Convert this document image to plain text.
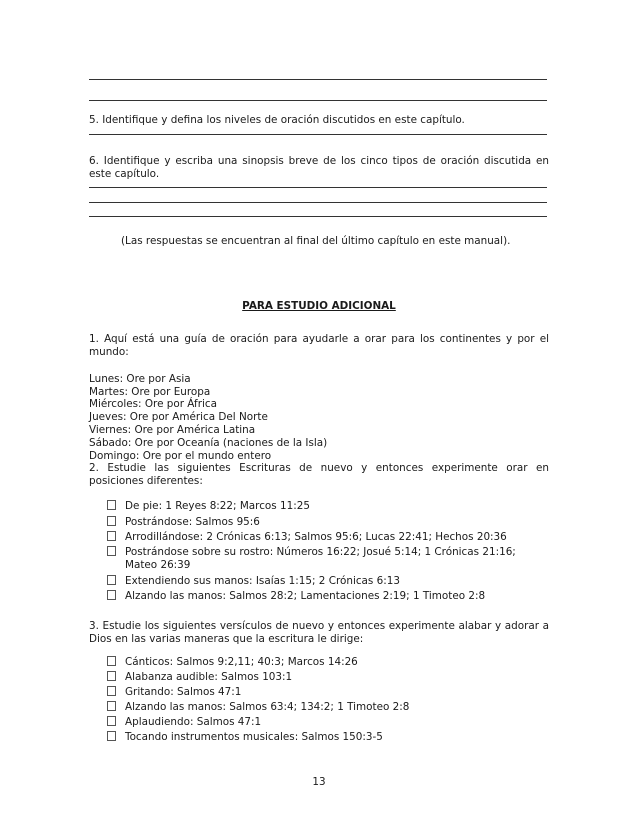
5. Identifique y defina los niveles de oración discutidos en este capítulo.
6. Identifique y escriba una sinopsis breve de los cinco tipos de oración discutida en este capítulo.
(Las respuestas se encuentran al final del último capítulo en este manual).
PARA ESTUDIO ADICIONAL
1. Aquí está una guía de oración para ayudarle a orar para los continentes y por el mundo:
Lunes: Ore por Asia
Martes: Ore por Europa
Miércoles: Ore por África
Jueves: Ore por América Del Norte
Viernes: Ore por América Latina
Sábado: Ore por Oceanía (naciones de la Isla)
Domingo: Ore por el mundo entero
2. Estudie las siguientes Escrituras de nuevo y entonces experimente orar en posiciones diferentes:
De pie: 1 Reyes 8:22; Marcos 11:25
Postrándose: Salmos 95:6
Arrodillándose: 2 Crónicas 6:13; Salmos 95:6; Lucas 22:41; Hechos 20:36
Postrándose sobre su rostro: Números 16:22; Josué 5:14; 1 Crónicas 21:16; Mateo 26:39
Extendiendo sus manos: Isaías 1:15; 2 Crónicas 6:13
Alzando las manos: Salmos 28:2; Lamentaciones 2:19; 1 Timoteo 2:8
3. Estudie los siguientes versículos de nuevo y entonces experimente alabar y adorar a Dios en las varias maneras que la escritura le dirige:
Cánticos: Salmos 9:2,11; 40:3; Marcos 14:26
Alabanza audible: Salmos 103:1
Gritando: Salmos 47:1
Alzando las manos: Salmos 63:4; 134:2; 1 Timoteo 2:8
Aplaudiendo: Salmos 47:1
Tocando instrumentos musicales: Salmos 150:3-5
13
